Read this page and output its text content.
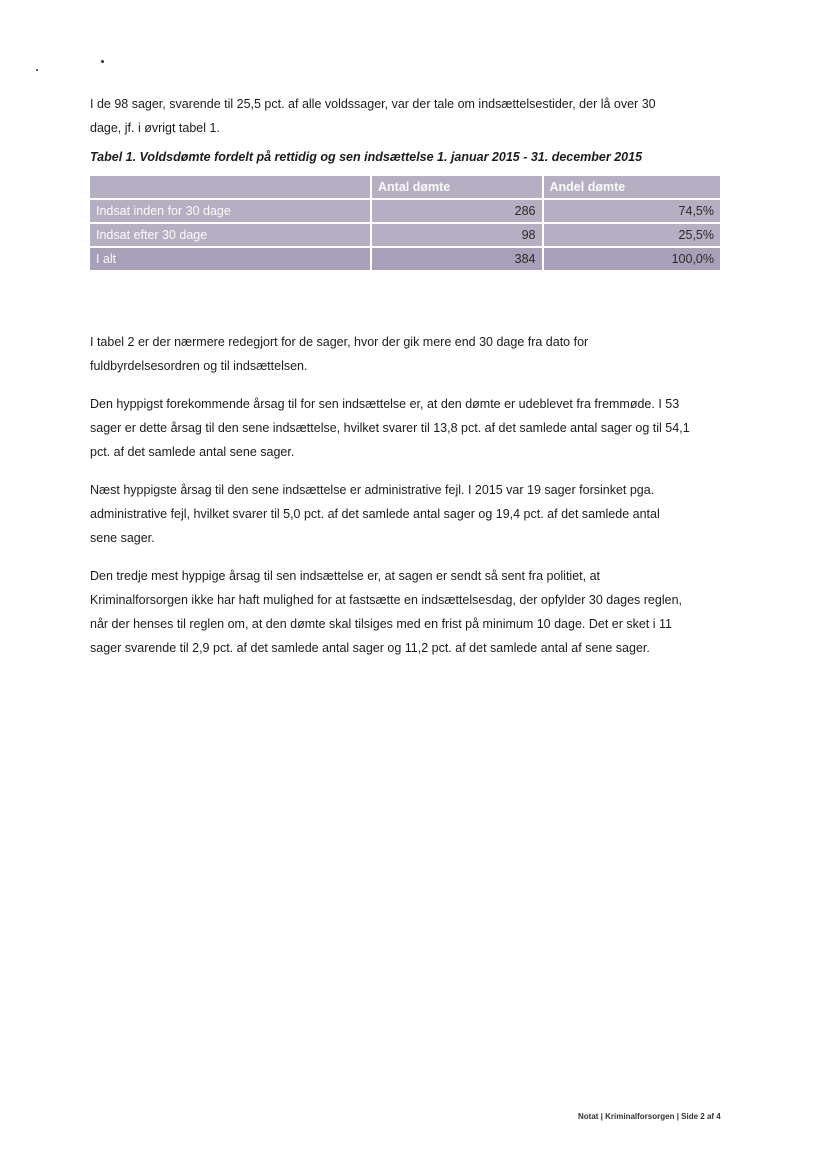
I de 98 sager, svarende til 25,5 pct. af alle voldssager, var der tale om indsættelsestider, der lå over 30 dage, jf. i øvrigt tabel 1.

Tabel 1. Voldsdømte fordelt på rettidig og sen indsættelse 1. januar 2015 - 31. december 2015

	Antal dømte	Andel dømte
Indsat inden for 30 dage	286	74,5%
Indsat efter 30 dage	98	25,5%
I alt	384	100,0%

I tabel 2 er der nærmere redegjort for de sager, hvor der gik mere end 30 dage fra dato for fuldbyrdelsesordren og til indsættelsen.

Den hyppigst forekommende årsag til for sen indsættelse er, at den dømte er udeblevet fra fremmøde. I 53 sager er dette årsag til den sene indsættelse, hvilket svarer til 13,8 pct. af det samlede antal sager og til 54,1 pct. af det samlede antal sene sager.

Næst hyppigste årsag til den sene indsættelse er administrative fejl. I 2015 var 19 sager forsinket pga. administrative fejl, hvilket svarer til 5,0 pct. af det samlede antal sager og 19,4 pct. af det samlede antal sene sager.

Den tredje mest hyppige årsag til sen indsættelse er, at sagen er sendt så sent fra politiet, at Kriminalforsorgen ikke har haft mulighed for at fastsætte en indsættelsesdag, der opfylder 30 dages reglen, når der henses til reglen om, at den dømte skal tilsiges med en frist på minimum 10 dage. Det er sket i 11 sager svarende til 2,9 pct. af det samlede antal sager og 11,2 pct. af det samlede antal af sene sager.

Notat | Kriminalforsorgen | Side 2 af 4
